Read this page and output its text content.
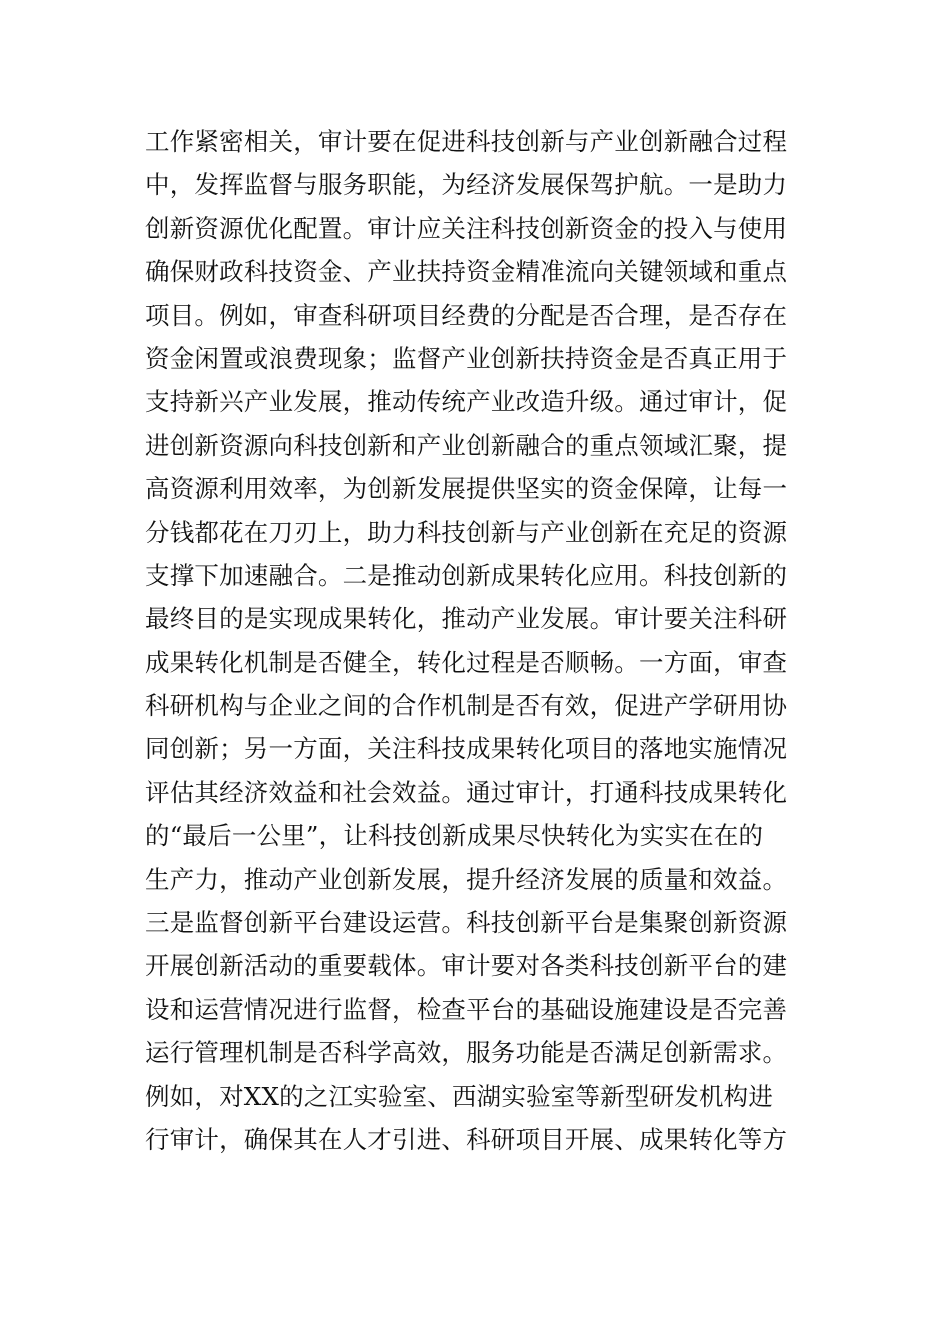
工作紧密相关，审计要在促进科技创新与产业创新融合过程
中，发挥监督与服务职能，为经济发展保驾护航。一是助力
创新资源优化配置。审计应关注科技创新资金的投入与使用
确保财政科技资金、产业扶持资金精准流向关键领域和重点
项目。例如，审查科研项目经费的分配是否合理，是否存在
资金闲置或浪费现象；监督产业创新扶持资金是否真正用于
支持新兴产业发展，推动传统产业改造升级。通过审计，促
进创新资源向科技创新和产业创新融合的重点领域汇聚，提
高资源利用效率，为创新发展提供坚实的资金保障，让每一
分钱都花在刀刃上，助力科技创新与产业创新在充足的资源
支撑下加速融合。二是推动创新成果转化应用。科技创新的
最终目的是实现成果转化，推动产业发展。审计要关注科研
成果转化机制是否健全，转化过程是否顺畅。一方面，审查
科研机构与企业之间的合作机制是否有效，促进产学研用协
同创新；另一方面，关注科技成果转化项目的落地实施情况
评估其经济效益和社会效益。通过审计，打通科技成果转化
的“最后一公里”，让科技创新成果尽快转化为实实在在的
生产力，推动产业创新发展，提升经济发展的质量和效益。
三是监督创新平台建设运营。科技创新平台是集聚创新资源
开展创新活动的重要载体。审计要对各类科技创新平台的建
设和运营情况进行监督，检查平台的基础设施建设是否完善
运行管理机制是否科学高效，服务功能是否满足创新需求。
例如，对XX的之江实验室、西湖实验室等新型研发机构进
行审计，确保其在人才引进、科研项目开展、成果转化等方
